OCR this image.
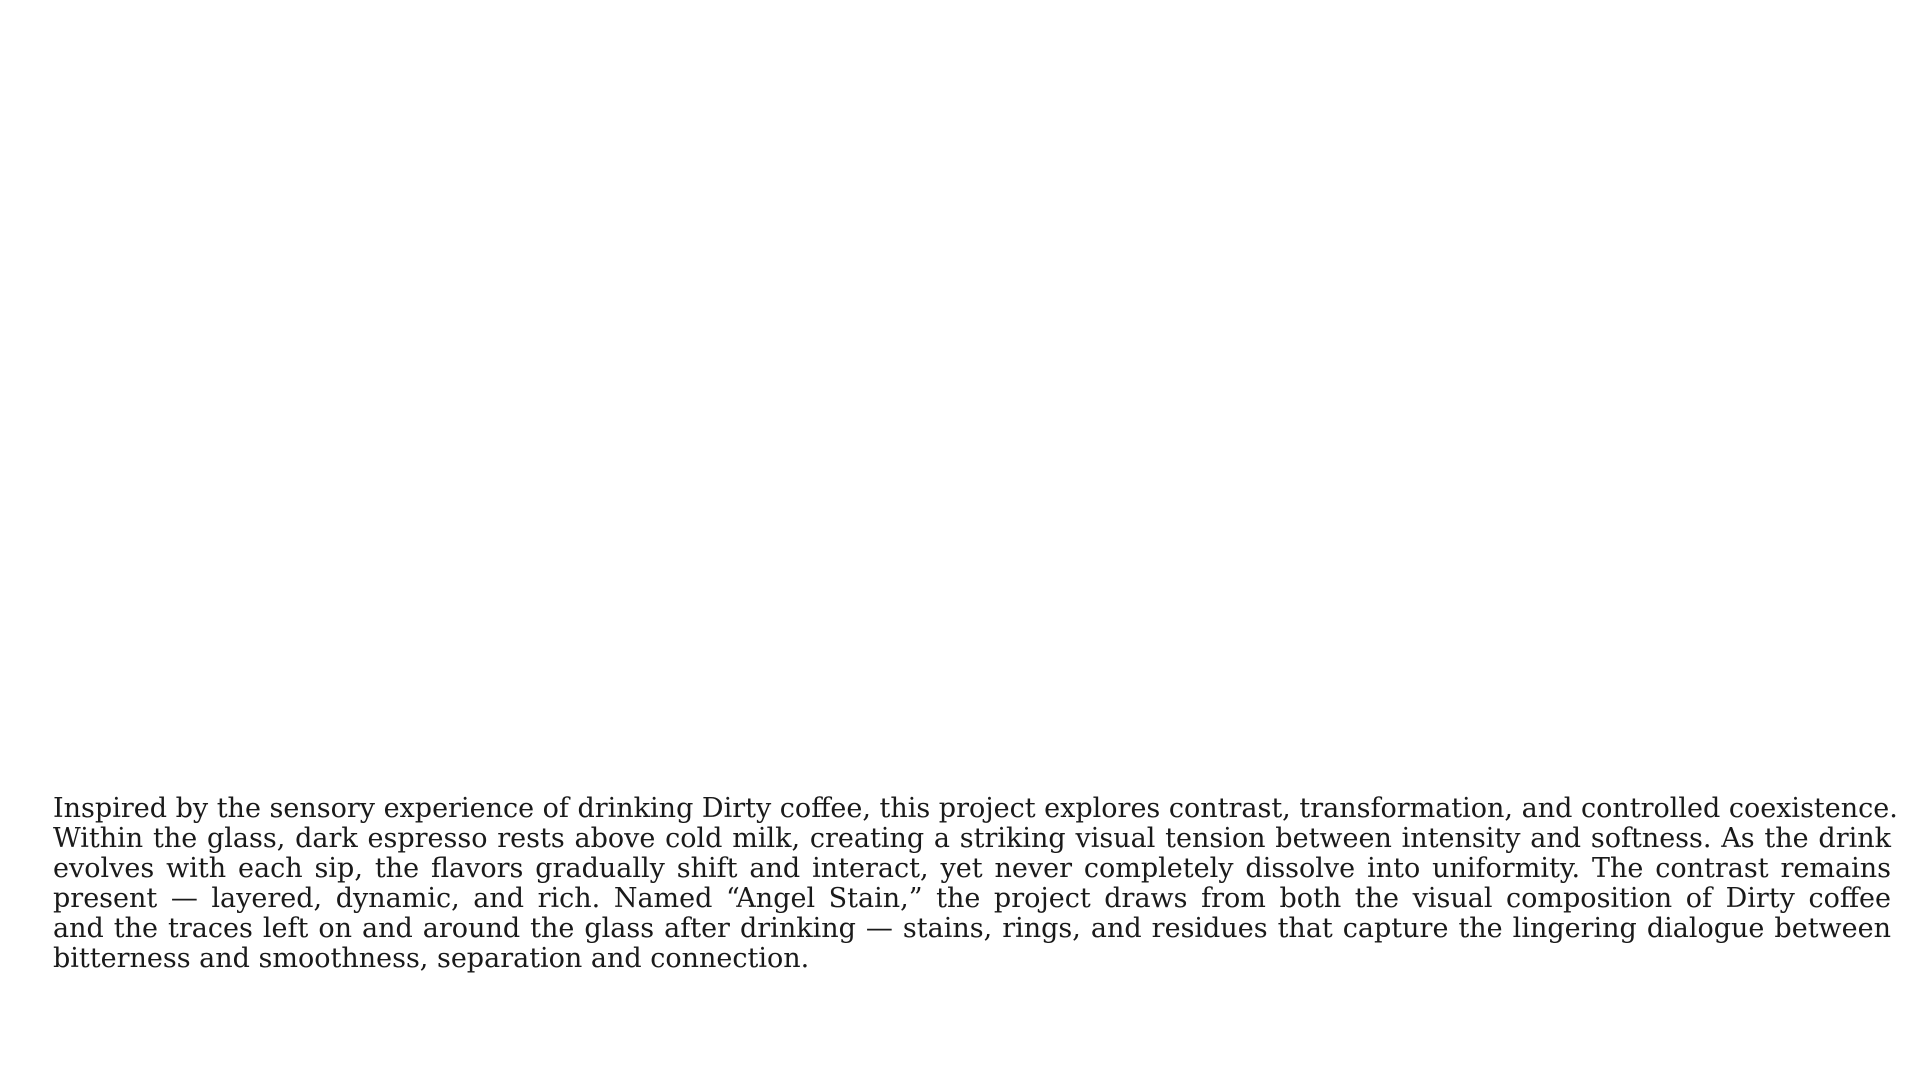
Inspired by the sensory experience of drinking Dirty coffee, this project explores contrast, transformation, and controlled coexistence.
Within the glass, dark espresso rests above cold milk, creating a striking visual tension between intensity and softness. As the drink
evolves with each sip, the flavors gradually shift and interact, yet never completely dissolve into uniformity. The contrast remains
present — layered, dynamic, and rich. Named “Angel Stain,” the project draws from both the visual composition of Dirty coffee
and the traces left on and around the glass after drinking — stains, rings, and residues that capture the lingering dialogue between
bitterness and smoothness, separation and connection.
